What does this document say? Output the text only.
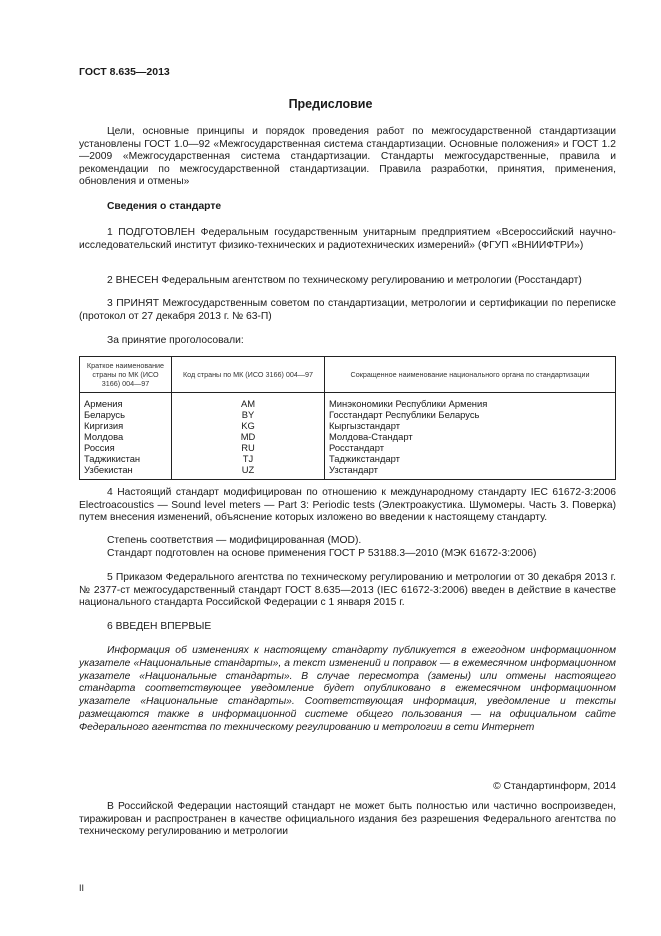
ГОСТ 8.635—2013
Предисловие
Цели, основные принципы и порядок проведения работ по межгосударственной стандартизации установлены ГОСТ 1.0—92 «Межгосударственная система стандартизации. Основные положения» и ГОСТ 1.2—2009 «Межгосударственная система стандартизации. Стандарты межгосударственные, правила и рекомендации по межгосударственной стандартизации. Правила разработки, принятия, применения, обновления и отмены»
Сведения о стандарте
1 ПОДГОТОВЛЕН Федеральным государственным унитарным предприятием «Всероссийский научно-исследовательский институт физико-технических и радиотехнических измерений» (ФГУП «ВНИИФТРИ»)
2 ВНЕСЕН Федеральным агентством по техническому регулированию и метрологии (Росстандарт)
3 ПРИНЯТ Межгосударственным советом по стандартизации, метрологии и сертификации по переписке (протокол от 27 декабря 2013 г. № 63-П)
За принятие проголосовали:
Краткое наименование страны по МК (ИСО 3166) 004—97	Код страны по МК (ИСО 3166) 004—97	Сокращенное наименование национального органа по стандартизации
Армения	AM	Минэкономики Республики Армения
Беларусь	BY	Госстандарт Республики Беларусь
Киргизия	KG	Кыргызстандарт
Молдова	MD	Молдова-Стандарт
Россия	RU	Росстандарт
Таджикистан	TJ	Таджикстандарт
Узбекистан	UZ	Узстандарт
4 Настоящий стандарт модифицирован по отношению к международному стандарту IEC 61672-3:2006 Electroacoustics — Sound level meters — Part 3: Periodic tests (Электроакустика. Шумомеры. Часть 3. Поверка) путем внесения изменений, объяснение которых изложено во введении к настоящему стандарту.
Степень соответствия — модифицированная (MOD).
Стандарт подготовлен на основе применения ГОСТ Р 53188.3—2010 (МЭК 61672-3:2006)
5 Приказом Федерального агентства по техническому регулированию и метрологии от 30 декабря 2013 г. № 2377-ст межгосударственный стандарт ГОСТ 8.635—2013 (IEC 61672-3:2006) введен в действие в качестве национального стандарта Российской Федерации с 1 января 2015 г.
6 ВВЕДЕН ВПЕРВЫЕ
Информация об изменениях к настоящему стандарту публикуется в ежегодном информационном указателе «Национальные стандарты», а текст изменений и поправок — в ежемесячном информационном указателе «Национальные стандарты». В случае пересмотра (замены) или отмены настоящего стандарта соответствующее уведомление будет опубликовано в ежемесячном информационном указателе «Национальные стандарты». Соответствующая информация, уведомление и тексты размещаются также в информационной системе общего пользования — на официальном сайте Федерального агентства по техническому регулированию и метрологии в сети Интернет
© Стандартинформ, 2014
В Российской Федерации настоящий стандарт не может быть полностью или частично воспроизведен, тиражирован и распространен в качестве официального издания без разрешения Федерального агентства по техническому регулированию и метрологии
II
